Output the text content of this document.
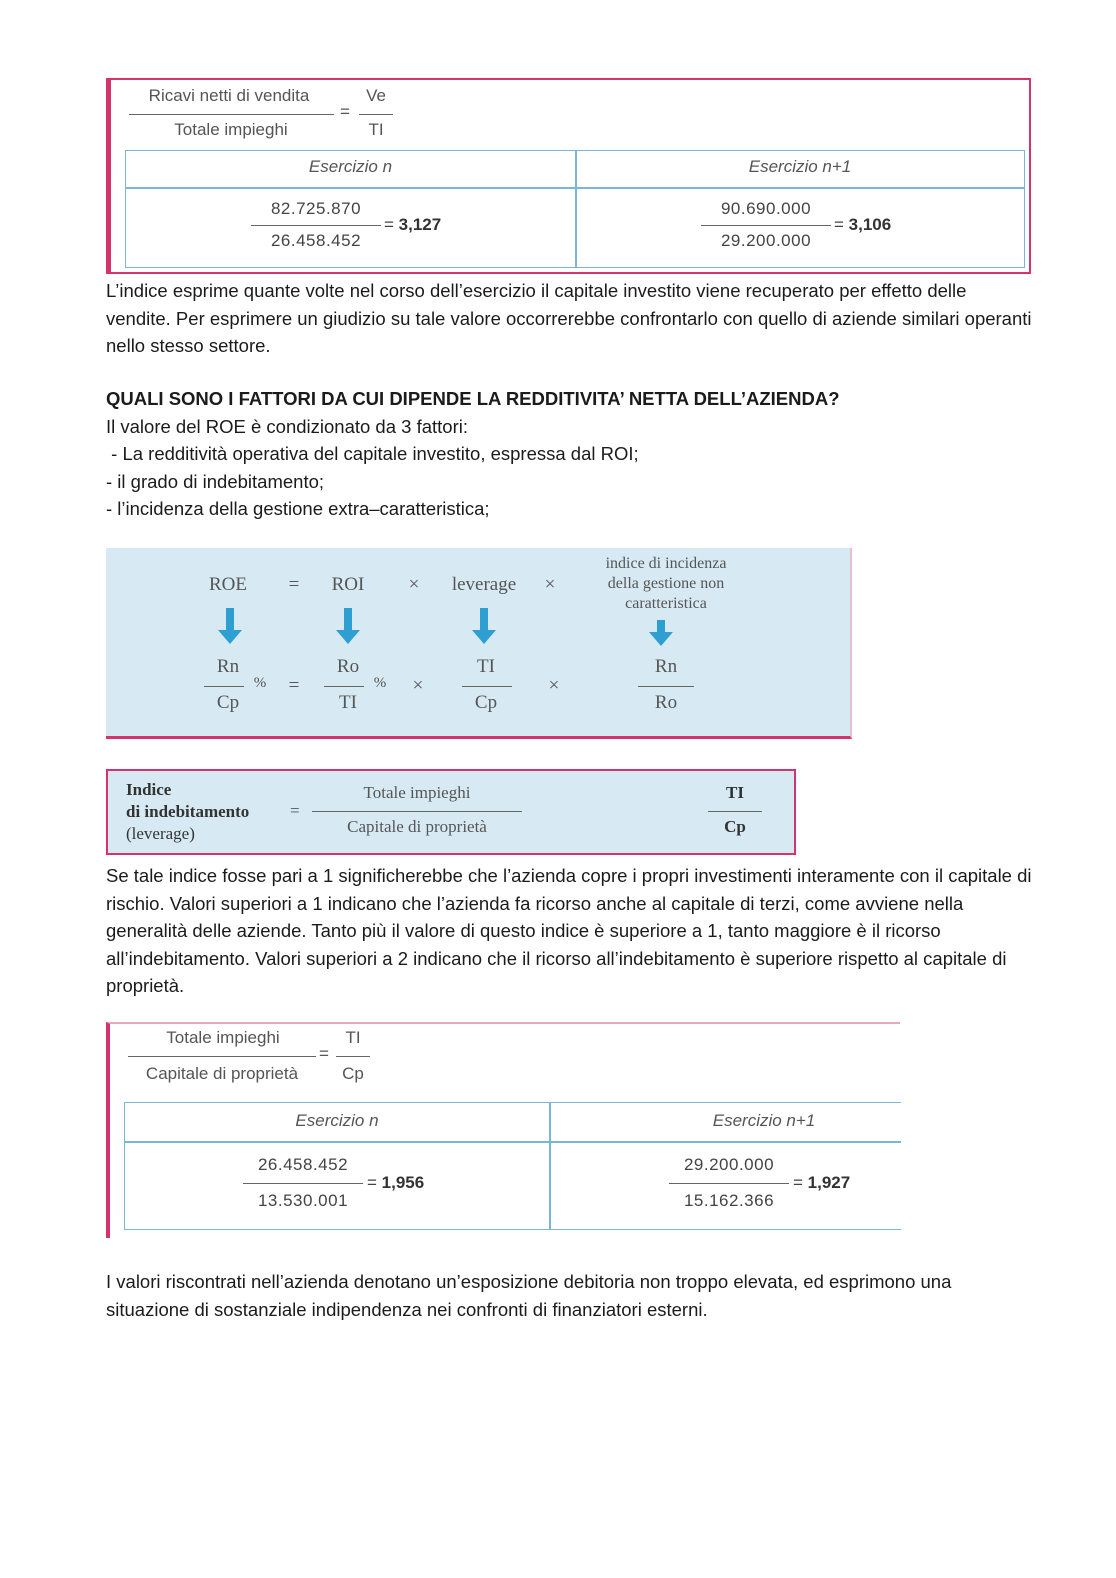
Ricavi netti di vendita
Totale impieghi
=
Ve
TI
Esercizio n	Esercizio n+1
82.725.870
26.458.452
= 3,127
90.690.000
29.200.000
= 3,106

L’indice esprime quante volte nel corso dell’esercizio il capitale investito viene recuperato per effetto delle vendite. Per esprimere un giudizio su tale valore occorrerebbe confrontarlo con quello di aziende similari operanti nello stesso settore.

QUALI SONO I FATTORI DA CUI DIPENDE LA REDDITIVITA’ NETTA DELL’AZIENDA?

Il valore del ROE è condizionato da 3 fattori:

- La redditività operativa del capitale investito, espressa dal ROI;

- il grado di indebitamento;

- l’incidenza della gestione extra–caratteristica;

ROE	=	ROI	×	leverage	×
indice di incidenza
della gestione non
caratteristica
Rn
%
Cp
=
Ro
%
TI
×
TI
Cp
×
Rn
Ro
Indice
di indebitamento
(leverage)
=
Totale impieghi
Capitale di proprietà
TI
Cp

Se tale indice fosse pari a 1 significherebbe che l’azienda copre i propri investimenti interamente con il capitale di rischio. Valori superiori a 1 indicano che l’azienda fa ricorso anche al capitale di terzi, come avviene nella generalità delle aziende. Tanto più il valore di questo indice è superiore a 1, tanto maggiore è il ricorso all’indebitamento. Valori superiori a 2 indicano che il ricorso all’indebitamento è superiore rispetto al capitale di proprietà.

Totale impieghi
Capitale di proprietà
=
TI
Cp
Esercizio n	Esercizio n+1
26.458.452
13.530.001
= 1,956
29.200.000
15.162.366
= 1,927

I valori riscontrati nell’azienda denotano un’esposizione debitoria non troppo elevata, ed esprimono una situazione di sostanziale indipendenza nei confronti di finanziatori esterni.
